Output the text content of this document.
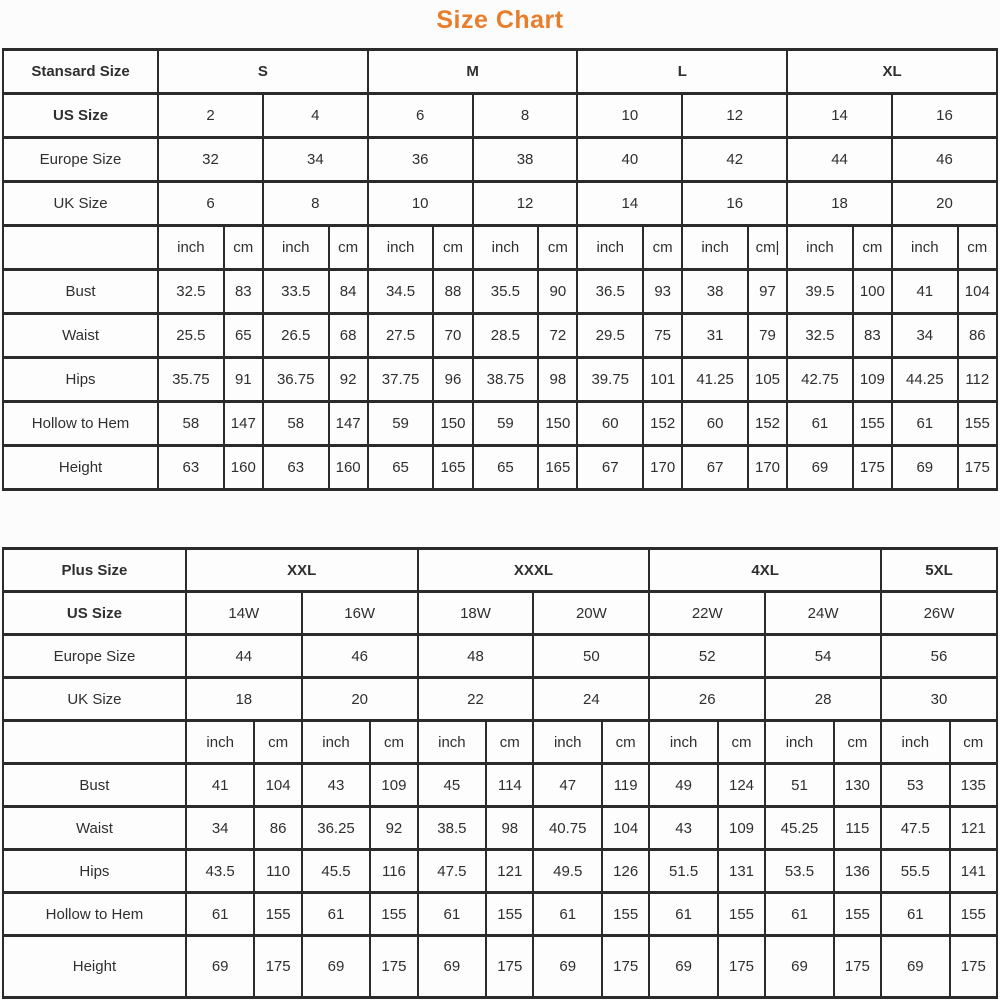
Size Chart
Stansard Size	S				M				L				XL			
US Size	2		4		6		8		10		12		14		16	
Europe Size	32		34		36		38		40		42		44		46	
UK Size	6		8		10		12		14		16		18		20	
	inch	cm	inch	cm	inch	cm	inch	cm	inch	cm	inch	cm|	inch	cm	inch	cm
Bust	32.5	83	33.5	84	34.5	88	35.5	90	36.5	93	38	97	39.5	100	41	104
Waist	25.5	65	26.5	68	27.5	70	28.5	72	29.5	75	31	79	32.5	83	34	86
Hips	35.75	91	36.75	92	37.75	96	38.75	98	39.75	101	41.25	105	42.75	109	44.25	112
Hollow to Hem	58	147	58	147	59	150	59	150	60	152	60	152	61	155	61	155
Height	63	160	63	160	65	165	65	165	67	170	67	170	69	175	69	175
Plus Size	XXL				XXXL				4XL				5XL	
US Size	14W		16W		18W		20W		22W		24W		26W	
Europe Size	44		46		48		50		52		54		56	
UK Size	18		20		22		24		26		28		30	
	inch	cm	inch	cm	inch	cm	inch	cm	inch	cm	inch	cm	inch	cm
Bust	41	104	43	109	45	114	47	119	49	124	51	130	53	135
Waist	34	86	36.25	92	38.5	98	40.75	104	43	109	45.25	115	47.5	121
Hips	43.5	110	45.5	116	47.5	121	49.5	126	51.5	131	53.5	136	55.5	141
Hollow to Hem	61	155	61	155	61	155	61	155	61	155	61	155	61	155
Height	69	175	69	175	69	175	69	175	69	175	69	175	69	175
